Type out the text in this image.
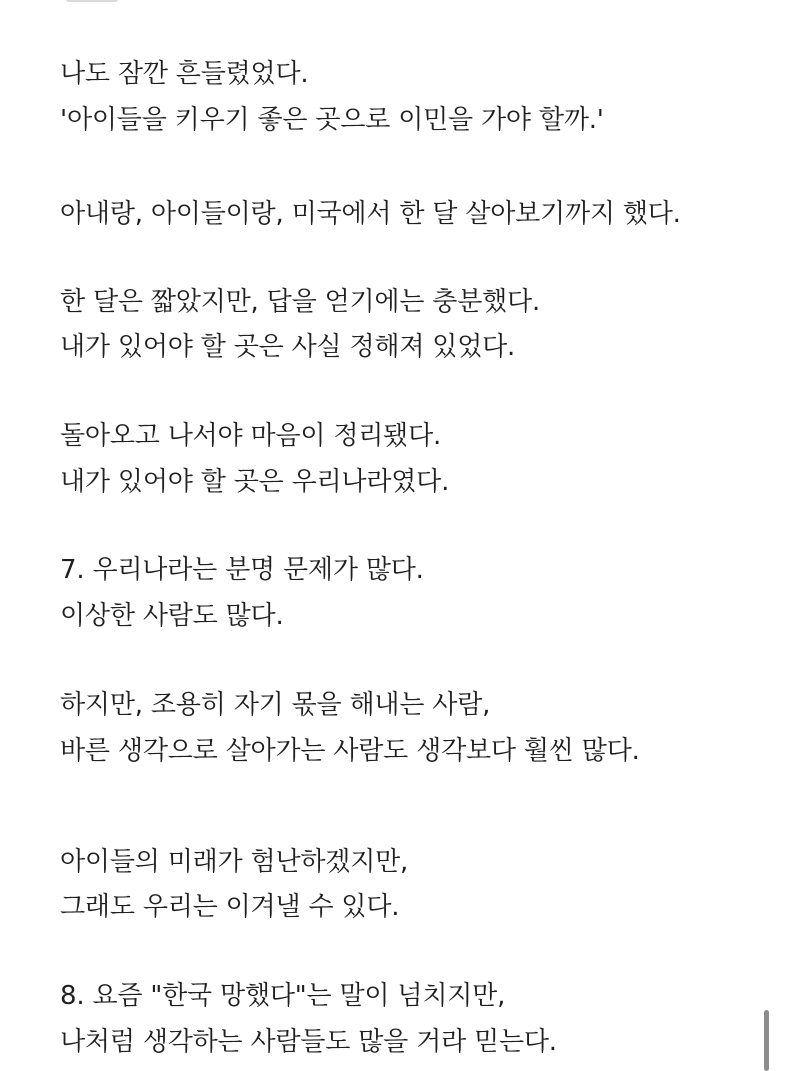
나도 잠깐 흔들렸었다.
'아이들을 키우기 좋은 곳으로 이민을 가야 할까.'
아내랑, 아이들이랑, 미국에서 한 달 살아보기까지 했다.
한 달은 짧았지만, 답을 얻기에는 충분했다.
내가 있어야 할 곳은 사실 정해져 있었다.
돌아오고 나서야 마음이 정리됐다.
내가 있어야 할 곳은 우리나라였다.
7. 우리나라는 분명 문제가 많다.
이상한 사람도 많다.
하지만, 조용히 자기 몫을 해내는 사람,
바른 생각으로 살아가는 사람도 생각보다 훨씬 많다.
아이들의 미래가 험난하겠지만,
그래도 우리는 이겨낼 수 있다.
8. 요즘 "한국 망했다"는 말이 넘치지만,
나처럼 생각하는 사람들도 많을 거라 믿는다.
